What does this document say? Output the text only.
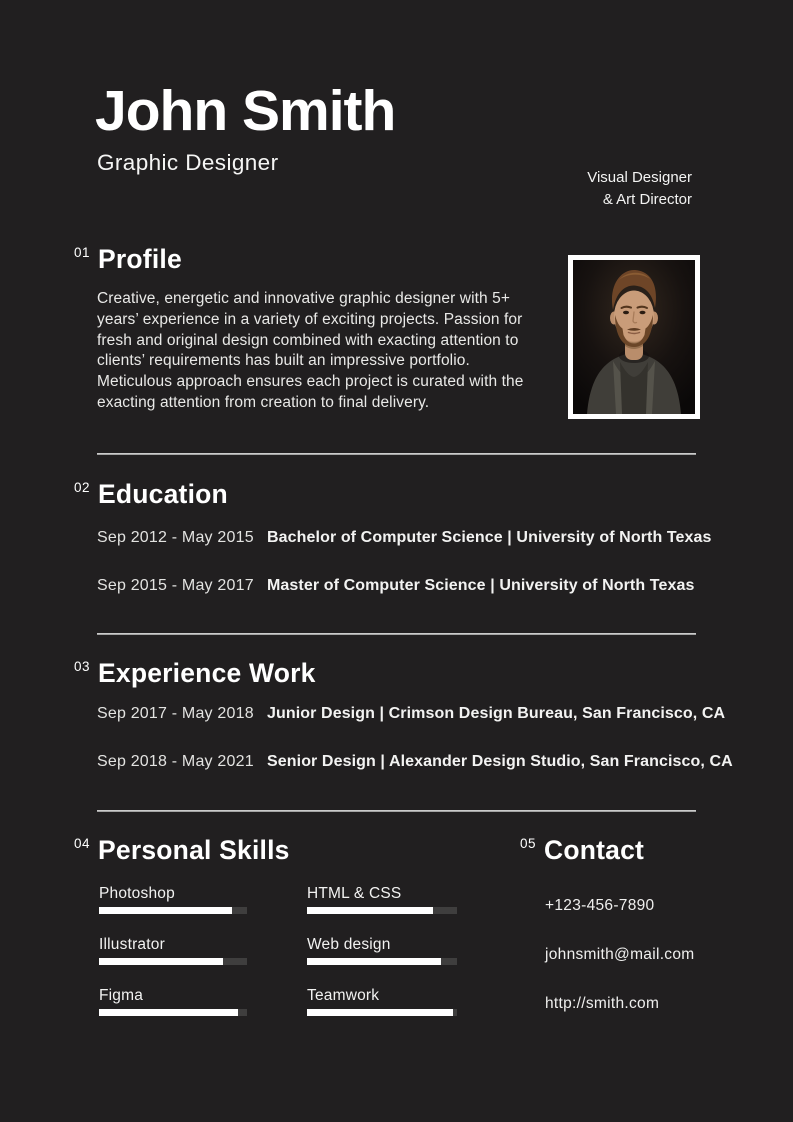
John Smith
Graphic Designer
Visual Designer
& Art Director
$^{01}$ Profile
Creative, energetic and innovative graphic designer with 5+ years’ experience in a variety of exciting projects. Passion for fresh and original design combined with exacting attention to clients’ requirements has built an impressive portfolio. Meticulous approach ensures each project is curated with the exacting attention from creation to final delivery.
$^{02}$ Education
Sep 2012 - May 2015 Bachelor of Computer Science | University of North Texas
Sep 2015 - May 2017 Master of Computer Science | University of North Texas
$^{03}$ Experience Work
Sep 2017 - May 2018 Junior Design | Crimson Design Bureau, San Francisco, CA
Sep 2018 - May 2021 Senior Design | Alexander Design Studio, San Francisco, CA
$^{04}$ Personal Skills
Photoshop
Illustrator
Figma
HTML & CSS
Web design
Teamwork
$^{05}$ Contact
+123-456-7890
johnsmith@mail.com
http://smith.com
